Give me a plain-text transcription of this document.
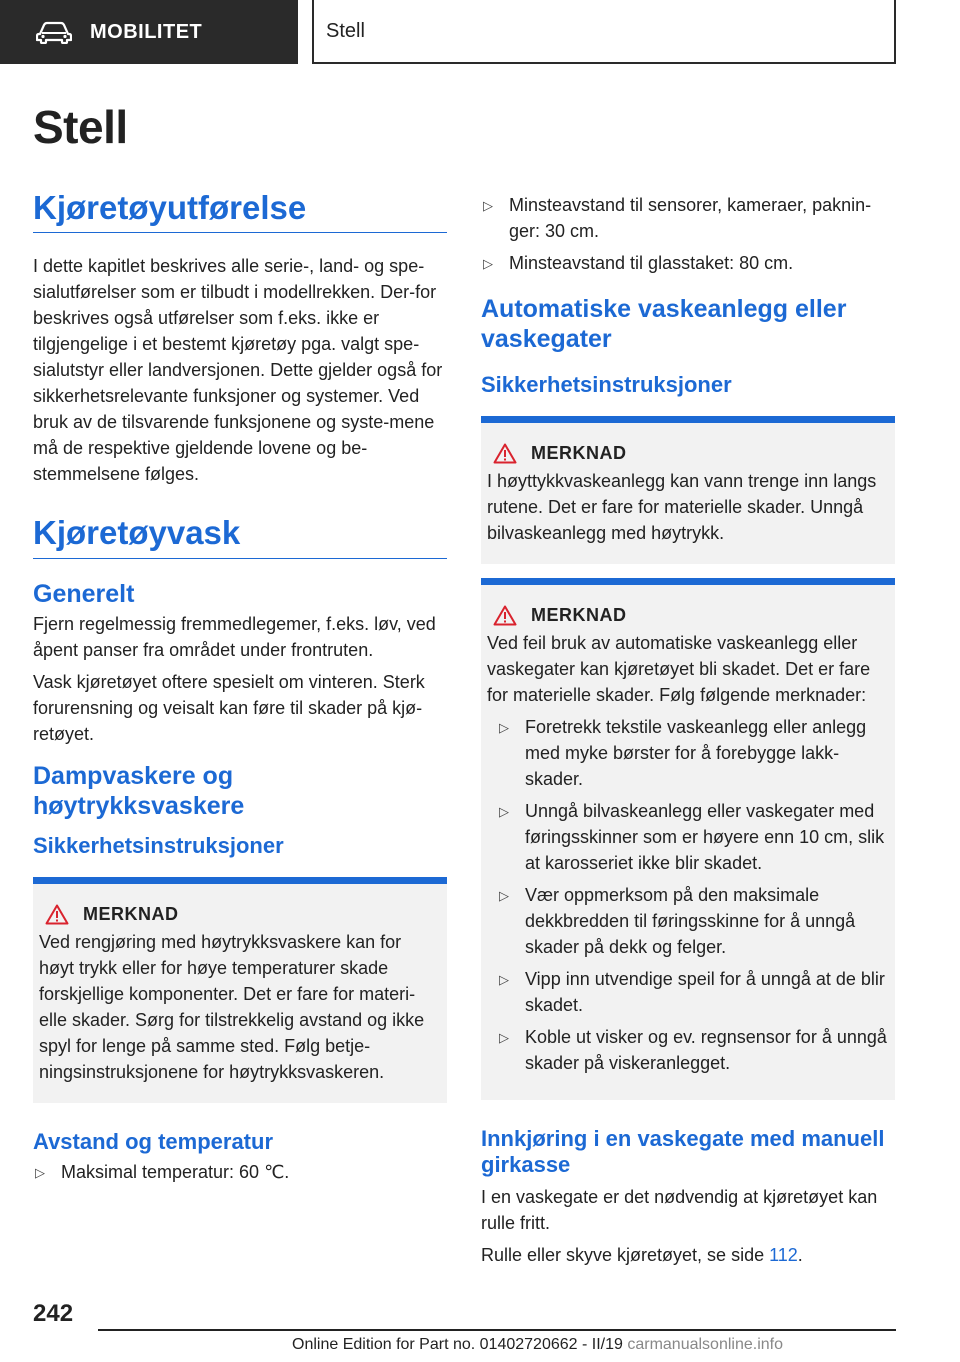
MOBILITET	Stell
Stell
Kjøretøyutførelse

I dette kapitlet beskrives alle serie-, land- og spe-sialutførelser som er tilbudt i modellrekken. Der-for beskrives også utførelser som f.eks. ikke er tilgjengelige i et bestemt kjøretøy pga. valgt spe-sialutstyr eller landversjonen. Dette gjelder også for sikkerhetsrelevante funksjoner og systemer. Ved bruk av de tilsvarende funksjonene og syste-mene må de respektive gjeldende lovene og be-stemmelsene følges.

Kjøretøyvask
Generelt

Fjern regelmessig fremmedlegemer, f.eks. løv, ved åpent panser fra området under frontruten.

Vask kjøretøyet oftere spesielt om vinteren. Sterk forurensning og veisalt kan føre til skader på kjø-retøyet.

Dampvaskere og høytrykksvaskere
Sikkerhetsinstruksjoner
MERKNAD

Ved rengjøring med høytrykksvaskere kan for høyt trykk eller for høye temperaturer skade forskjellige komponenter. Det er fare for materi-elle skader. Sørg for tilstrekkelig avstand og ikke spyl for lenge på samme sted. Følg betje-ningsinstruksjonene for høytrykksvaskeren.

Avstand og temperatur
▷ Maksimal temperatur: 60 ℃.
▷ Minsteavstand til sensorer, kameraer, paknin-ger: 30 cm.
▷ Minsteavstand til glasstaket: 80 cm.
Automatiske vaskeanlegg eller vaskegater
Sikkerhetsinstruksjoner
MERKNAD

I høyttykkvaskeanlegg kan vann trenge inn langs rutene. Det er fare for materielle skader. Unngå bilvaskeanlegg med høytrykk.

MERKNAD

Ved feil bruk av automatiske vaskeanlegg eller vaskegater kan kjøretøyet bli skadet. Det er fare for materielle skader. Følg følgende merknader:

▷ Foretrekk tekstile vaskeanlegg eller anlegg med myke børster for å forebygge lakk-skader.
▷ Unngå bilvaskeanlegg eller vaskegater med føringsskinner som er høyere enn 10 cm, slik at karosseriet ikke blir skadet.
▷ Vær oppmerksom på den maksimale dekkbredden til føringsskinne for å unngå skader på dekk og felger.
▷ Vipp inn utvendige speil for å unngå at de blir skadet.
▷ Koble ut visker og ev. regnsensor for å unngå skader på viskeranlegget.
Innkjøring i en vaskegate med manuell girkasse

I en vaskegate er det nødvendig at kjøretøyet kan rulle fritt.

Rulle eller skyve kjøretøyet, se side 112.

242
Online Edition for Part no. 01402720662 - II/19 carmanualsonline.info
